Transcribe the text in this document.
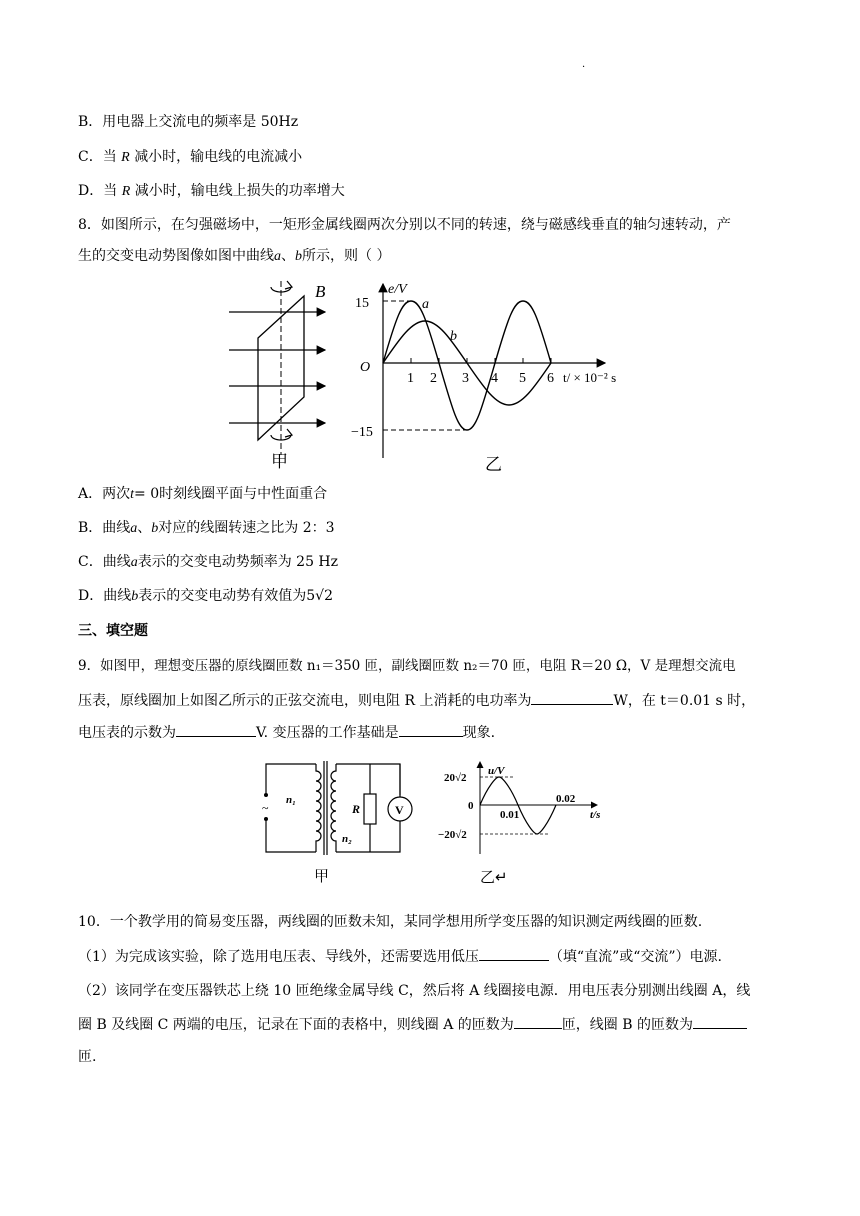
·
B．用电器上交流电的频率是 50Hz
C．当 R 减小时，输电线的电流减小
D．当 R 减小时，输电线上损失的功率增大
8．如图所示，在匀强磁场中，一矩形金属线圈两次分别以不同的转速，绕与磁感线垂直的轴匀速转动，产
生的交变电动势图像如图中曲线a、b所示，则（ ）
B
甲
e/V
15
−15
O
a
b
1 2 3 4 5 6 t/ × 10⁻² s
乙
A．两次t= 0时刻线圈平面与中性面重合
B．曲线a、b对应的线圈转速之比为 2：3
C．曲线a表示的交变电动势频率为 25 Hz
D．曲线b表示的交变电动势有效值为5√2
三、填空题
9．如图甲，理想变压器的原线圈匝数 n₁＝350 匝，副线圈匝数 n₂＝70 匝，电阻 R＝20 Ω，V 是理想交流电
压表，原线圈加上如图乙所示的正弦交流电，则电阻 R 上消耗的电功率为	W，在 t＝0.01 s 时，
电压表的示数为	V. 变压器的工作基础是	现象.
~
n₁
n₂
R	V
甲
u/V
20√2
−20√2
0
0.01
0.02
t/s
乙↵
10．一个教学用的简易变压器，两线圈的匝数未知，某同学想用所学变压器的知识测定两线圈的匝数.
（1）为完成该实验，除了选用电压表、导线外，还需要选用低压	（填“直流”或“交流”）电源.
（2）该同学在变压器铁芯上绕 10 匝绝缘金属导线 C，然后将 A 线圈接电源．用电压表分别测出线圈 A，线
圈 B 及线圈 C 两端的电压，记录在下面的表格中，则线圈 A 的匝数为	匝，线圈 B 的匝数为
匝.
